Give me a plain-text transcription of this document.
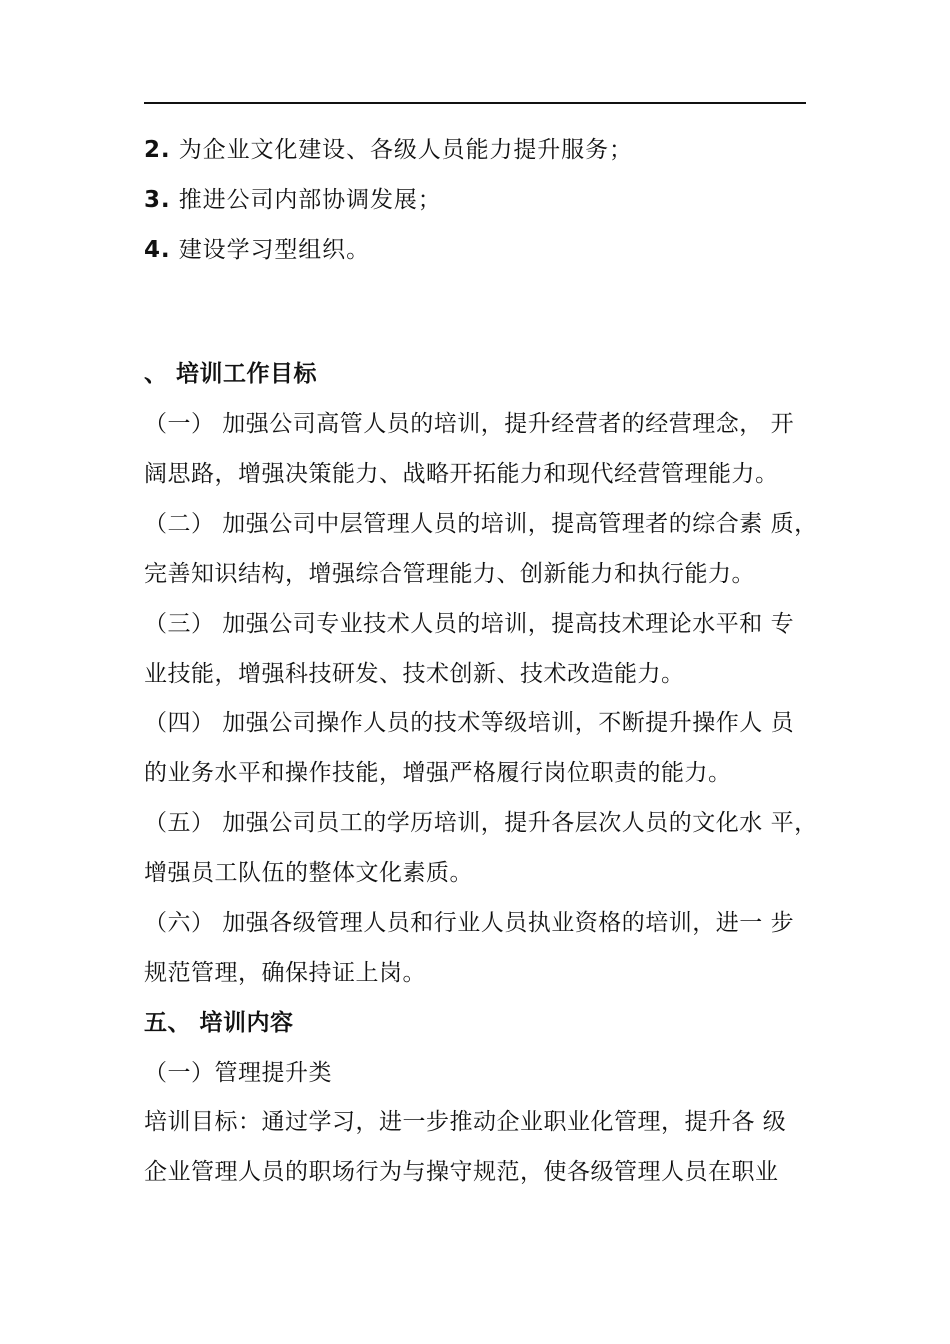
2. 为企业文化建设、各级人员能力提升服务；
3. 推进公司内部协调发展；
4. 建设学习型组织。
、 培训工作目标
（一） 加强公司高管人员的培训，提升经营者的经营理念， 开
阔思路，增强决策能力、战略开拓能力和现代经营管理能力。
（二） 加强公司中层管理人员的培训，提高管理者的综合素 质，
完善知识结构，增强综合管理能力、创新能力和执行能力。
（三） 加强公司专业技术人员的培训，提高技术理论水平和 专
业技能，增强科技研发、技术创新、技术改造能力。
（四） 加强公司操作人员的技术等级培训，不断提升操作人 员
的业务水平和操作技能，增强严格履行岗位职责的能力。
（五） 加强公司员工的学历培训，提升各层次人员的文化水 平，
增强员工队伍的整体文化素质。
（六） 加强各级管理人员和行业人员执业资格的培训，进一 步
规范管理，确保持证上岗。
五、 培训内容
（一）管理提升类
培训目标：通过学习，进一步推动企业职业化管理，提升各 级
企业管理人员的职场行为与操守规范，使各级管理人员在职业
